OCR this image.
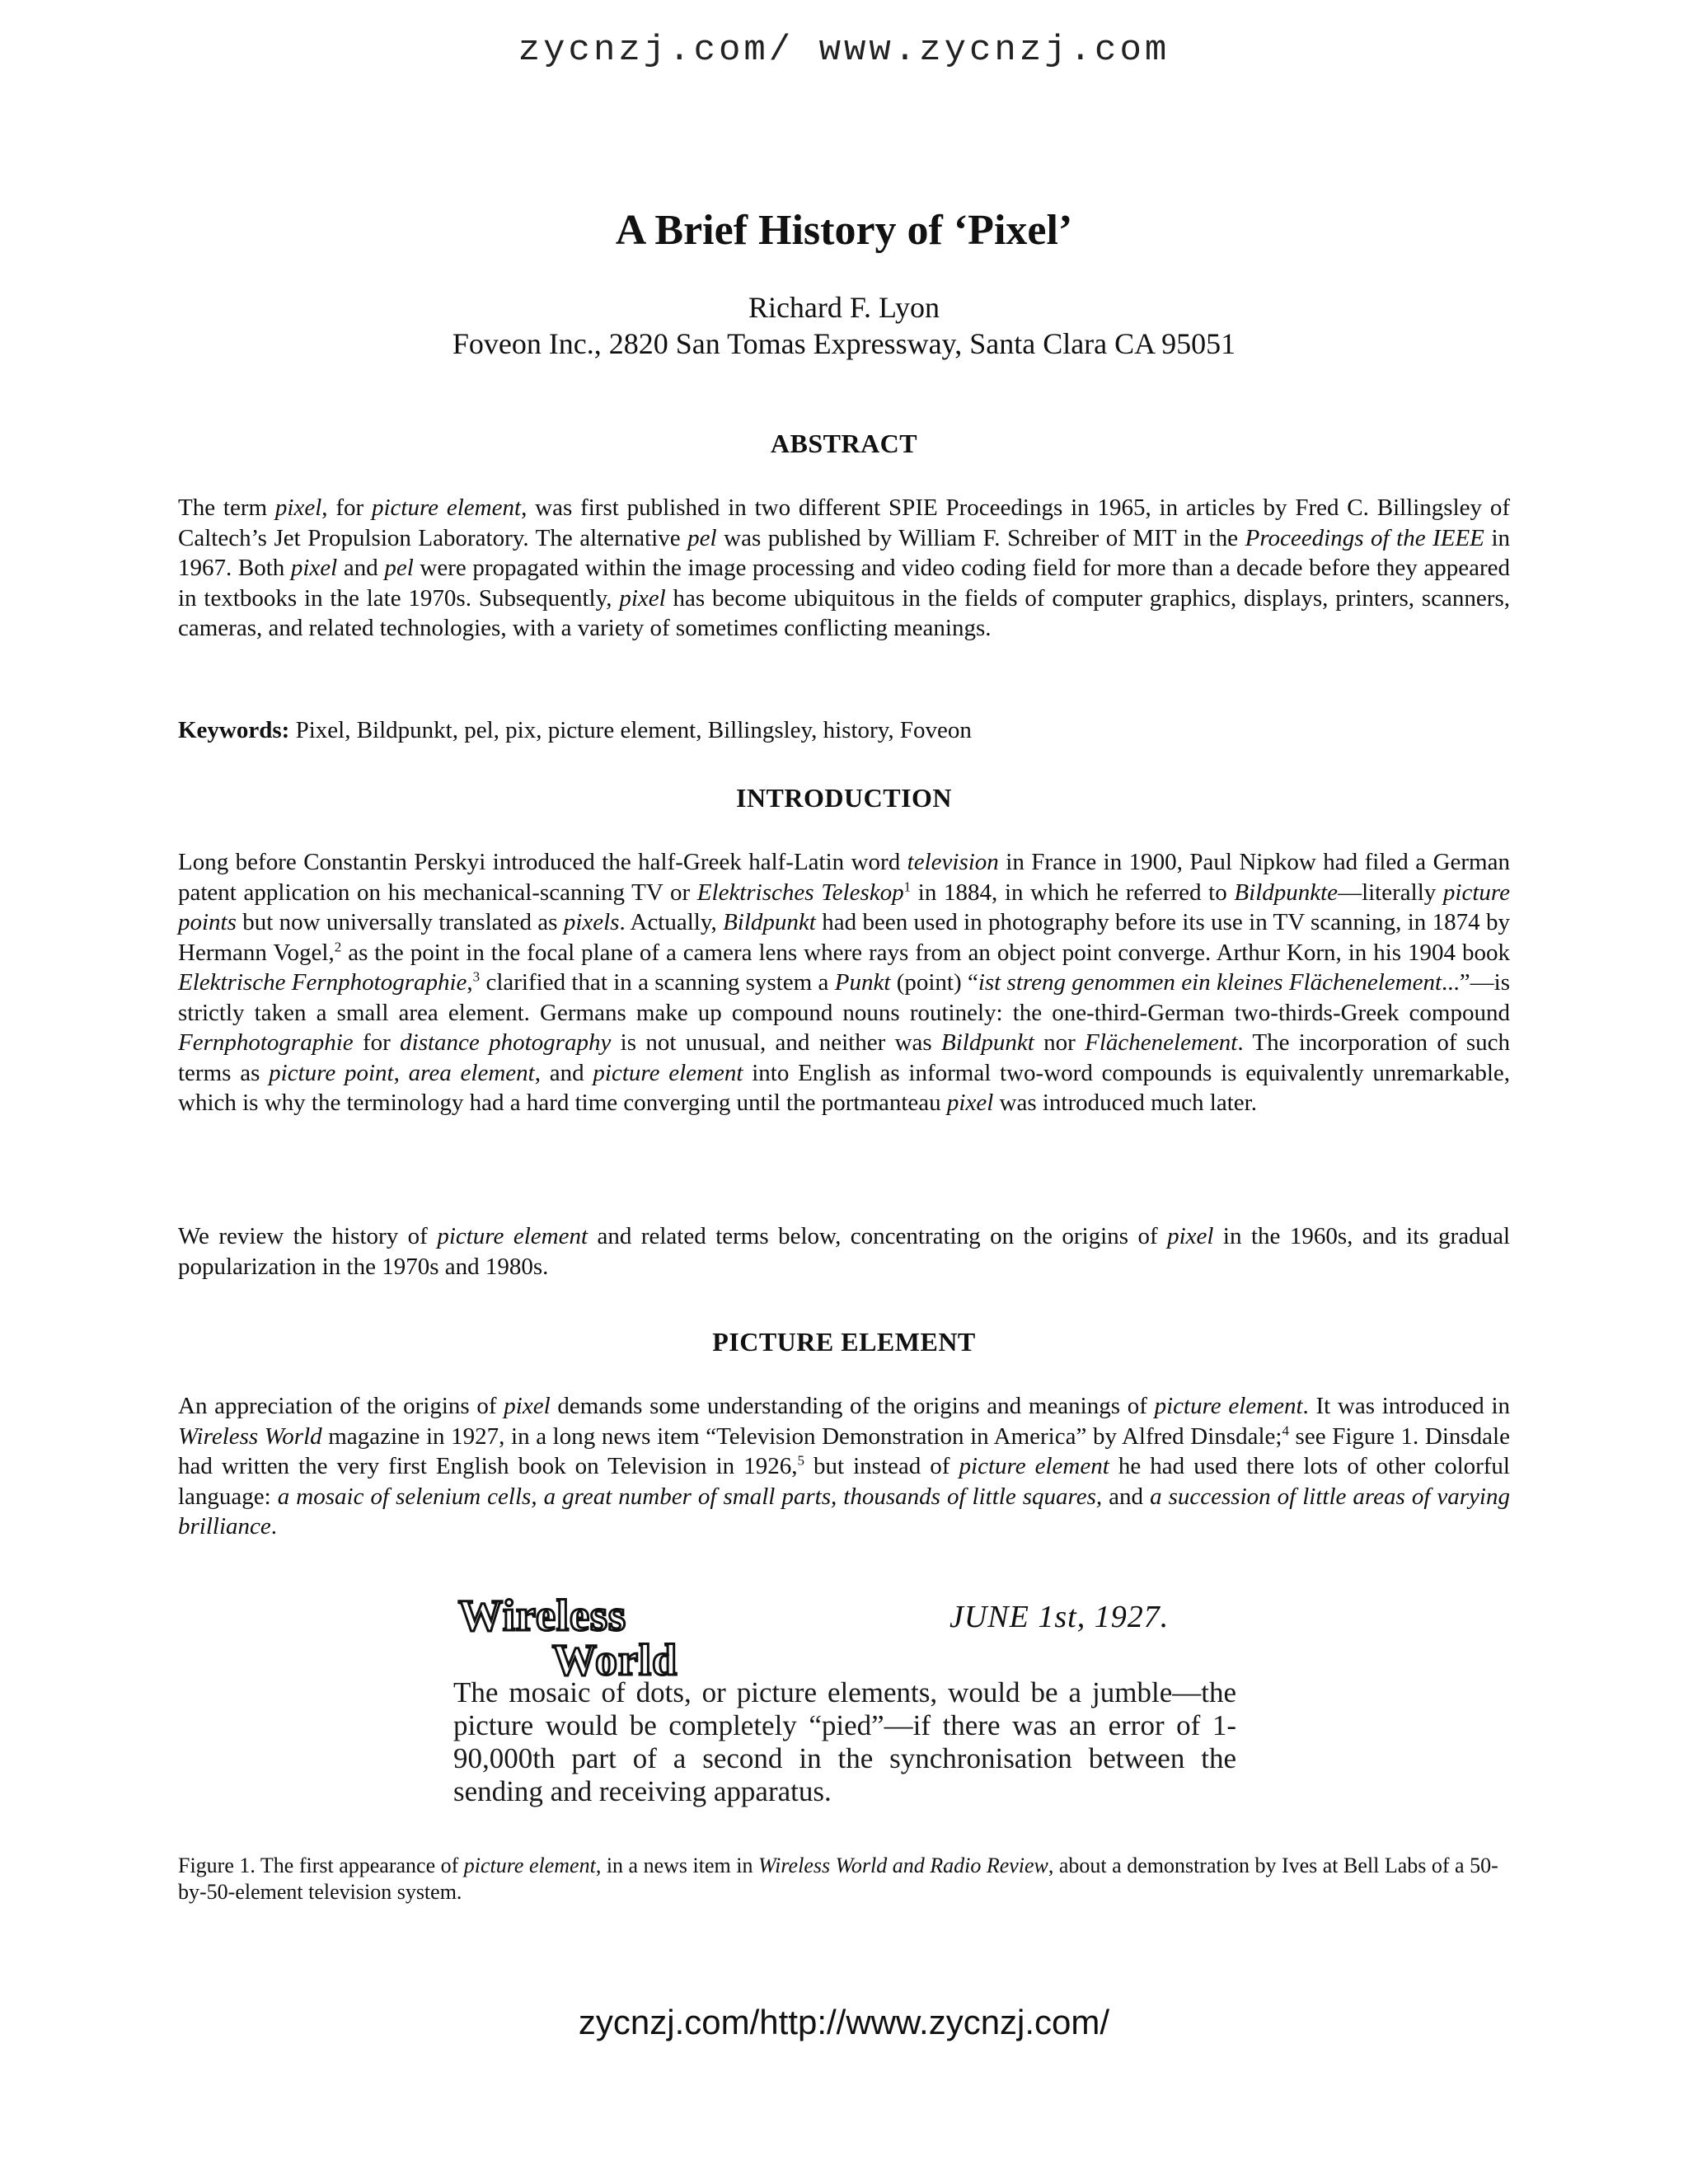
zycnzj.com/ www.zycnzj.com
A Brief History of ‘Pixel’
Richard F. Lyon
Foveon Inc., 2820 San Tomas Expressway, Santa Clara CA 95051
ABSTRACT
The term pixel, for picture element, was first published in two different SPIE Proceedings in 1965, in articles by Fred C. Billingsley of Caltech’s Jet Propulsion Laboratory. The alternative pel was published by William F. Schreiber of MIT in the Proceedings of the IEEE in 1967. Both pixel and pel were propagated within the image processing and video coding field for more than a decade before they appeared in textbooks in the late 1970s. Subsequently, pixel has become ubiquitous in the fields of computer graphics, displays, printers, scanners, cameras, and related technologies, with a variety of sometimes conflicting meanings.
Keywords: Pixel, Bildpunkt, pel, pix, picture element, Billingsley, history, Foveon
INTRODUCTION
Long before Constantin Perskyi introduced the half-Greek half-Latin word television in France in 1900, Paul Nipkow had filed a German patent application on his mechanical-scanning TV or Elektrisches Teleskop$^1$ in 1884, in which he referred to Bildpunkte—literally picture points but now universally translated as pixels. Actually, Bildpunkt had been used in photography before its use in TV scanning, in 1874 by Hermann Vogel,$^2$ as the point in the focal plane of a camera lens where rays from an object point converge. Arthur Korn, in his 1904 book Elektrische Fernphotographie,$^3$ clarified that in a scanning system a Punkt (point) “ist streng genommen ein kleines Flächenelement...”—is strictly taken a small area element. Germans make up compound nouns routinely: the one-third-German two-thirds-Greek compound Fernphotographie for distance photography is not unusual, and neither was Bildpunkt nor Flächenelement. The incorporation of such terms as picture point, area element, and picture element into English as informal two-word compounds is equivalently unremarkable, which is why the terminology had a hard time converging until the portmanteau pixel was introduced much later.
We review the history of picture element and related terms below, concentrating on the origins of pixel in the 1960s, and its gradual popularization in the 1970s and 1980s.
PICTURE ELEMENT
An appreciation of the origins of pixel demands some understanding of the origins and meanings of picture element. It was introduced in Wireless World magazine in 1927, in a long news item “Television Demonstration in America” by Alfred Dinsdale;$^4$ see Figure 1. Dinsdale had written the very first English book on Television in 1926,$^5$ but instead of picture element he had used there lots of other colorful language: a mosaic of selenium cells, a great number of small parts, thousands of little squares, and a succession of little areas of varying brilliance.
Wireless
World
JUNE 1st, 1927.
The mosaic of dots, or picture elements, would be a jumble—the picture would be completely “pied”—if there was an error of 1-90,000th part of a second in the synchronisation between the sending and receiving apparatus.
Figure 1. The first appearance of picture element, in a news item in Wireless World and Radio Review, about a demonstration by Ives at Bell Labs of a 50-by-50-element television system.
zycnzj.com/http://www.zycnzj.com/
